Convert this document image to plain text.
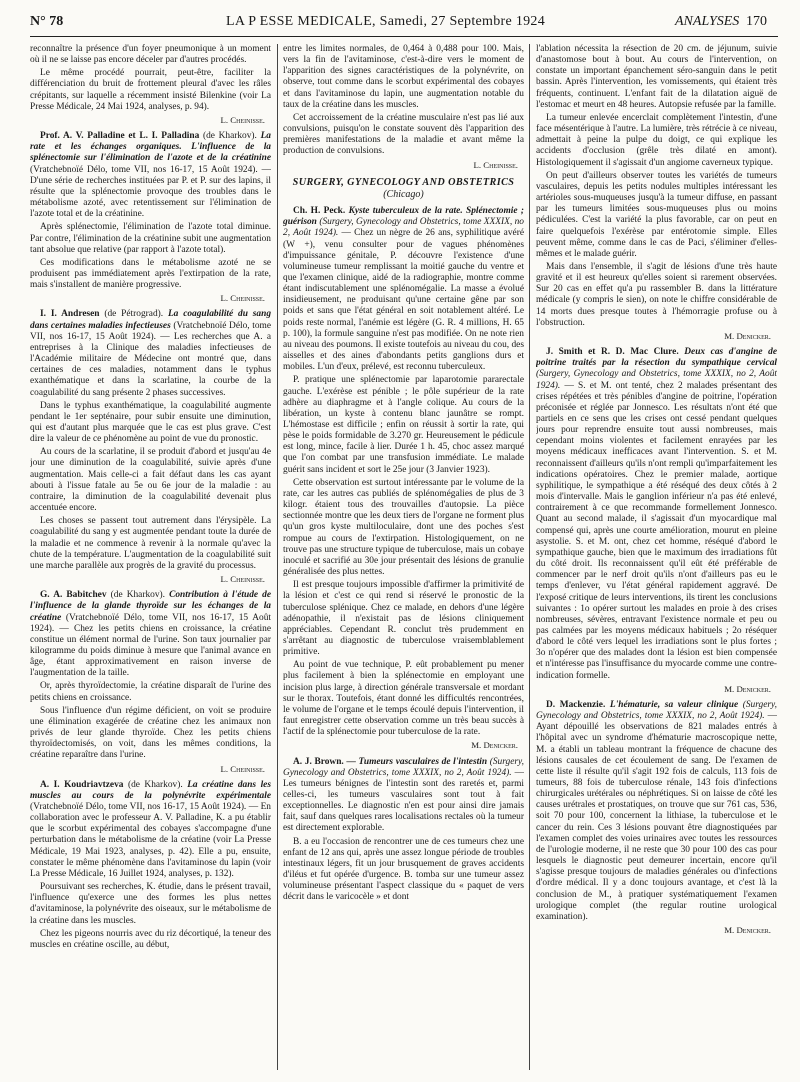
N° 78	LA P ESSE MEDICALE, Samedi, 27 Septembre 1924	ANALYSES 170

reconnaître la présence d'un foyer pneumonique à un moment où il ne se laisse pas encore déceler par d'autres procédés.

Le même procédé pourrait, peut-être, faciliter la différenciation du bruit de frottement pleural d'avec les râles crépitants, sur laquelle a récemment insisté Bilenkine (voir La Presse Médicale, 24 Mai 1924, analyses, p. 94).

L. Cheinisse.

Prof. A. V. Palladine et L. I. Palladina (de Kharkov). La rate et les échanges organiques. L'influence de la splénectomie sur l'élimination de l'azote et de la créatinine (Vratchebnoïé Délo, tome VII, nos 16-17, 15 Août 1924). — D'une série de recherches instituées par P. et P. sur des lapins, il résulte que la splénectomie provoque des troubles dans le métabolisme azoté, avec retentissement sur l'élimination de l'azote total et de la créatinine.

Après splénectomie, l'élimination de l'azote total diminue. Par contre, l'élimination de la créatinine subit une augmentation tant absolue que relative (par rapport à l'azote total).

Ces modifications dans le métabolisme azoté ne se produisent pas immédiatement après l'extirpation de la rate, mais s'installent de manière progressive.

L. Cheinisse.

I. I. Andresen (de Pétrograd). La coagulabilité du sang dans certaines maladies infectieuses (Vratchebnoïé Délo, tome VII, nos 16-17, 15 Août 1924). — Les recherches que A. a entreprises à la Clinique des maladies infectieuses de l'Académie militaire de Médecine ont montré que, dans certaines de ces maladies, notamment dans le typhus exanthématique et dans la scarlatine, la courbe de la coagulabilité du sang présente 2 phases successives.

Dans le typhus exanthématique, la coagulabilité augmente pendant le 1er septénaire, pour subir ensuite une diminution, qui est d'autant plus marquée que le cas est plus grave. C'est dire la valeur de ce phénomène au point de vue du pronostic.

Au cours de la scarlatine, il se produit d'abord et jusqu'au 4e jour une diminution de la coagulabilité, suivie après d'une augmentation. Mais celle-ci a fait défaut dans les cas ayant abouti à l'issue fatale au 5e ou 6e jour de la maladie : au contraire, la diminution de la coagulabilité devenait plus accentuée encore.

Les choses se passent tout autrement dans l'érysipèle. La coagulabilité du sang y est augmentée pendant toute la durée de la maladie et ne commence à revenir à la normale qu'avec la chute de la température. L'augmentation de la coagulabilité suit une marche parallèle aux progrès de la gravité du processus.

L. Cheinisse.

G. A. Babitchev (de Kharkov). Contribution à l'étude de l'influence de la glande thyroïde sur les échanges de la créatine (Vratchebnoïé Délo, tome VII, nos 16-17, 15 Août 1924). — Chez les petits chiens en croissance, la créatine constitue un élément normal de l'urine. Son taux journalier par kilogramme du poids diminue à mesure que l'animal avance en âge, étant approximativement en raison inverse de l'augmentation de la taille.

Or, après thyroïdectomie, la créatine disparaît de l'urine des petits chiens en croissance.

Sous l'influence d'un régime déficient, on voit se produire une élimination exagérée de créatine chez les animaux non privés de leur glande thyroïde. Chez les petits chiens thyroïdectomisés, on voit, dans les mêmes conditions, la créatine reparaître dans l'urine.

L. Cheinisse.

A. I. Koudriavtzeva (de Kharkov). La créatine dans les muscles au cours de la polynévrite expérimentale (Vratchebnoïé Délo, tome VII, nos 16-17, 15 Août 1924). — En collaboration avec le professeur A. V. Palladine, K. a pu établir que le scorbut expérimental des cobayes s'accompagne d'une perturbation dans le métabolisme de la créatine (voir La Presse Médicale, 19 Mai 1923, analyses, p. 42). Elle a pu, ensuite, constater le même phénomène dans l'avitaminose du lapin (voir La Presse Médicale, 16 Juillet 1924, analyses, p. 132).

Poursuivant ses recherches, K. étudie, dans le présent travail, l'influence qu'exerce une des formes les plus nettes d'avitaminose, la polynévrite des oiseaux, sur le métabolisme de la créatine dans les muscles.

Chez les pigeons nourris avec du riz décortiqué, la teneur des muscles en créatine oscille, au début,

entre les limites normales, de 0,464 à 0,488 pour 100. Mais, vers la fin de l'avitaminose, c'est-à-dire vers le moment de l'apparition des signes caractéristiques de la polynévrite, on observe, tout comme dans le scorbut expérimental des cobayes et dans l'avitaminose du lapin, une augmentation notable du taux de la créatine dans les muscles.

Cet accroissement de la créatine musculaire n'est pas lié aux convulsions, puisqu'on le constate souvent dès l'apparition des premières manifestations de la maladie et avant même la production de convulsions.

L. Cheinisse.
SURGERY, GYNECOLOGY AND OBSTETRICS
(Chicago)

Ch. H. Peck. Kyste tuberculeux de la rate. Splénectomie ; guérison (Surgery, Gynecology and Obstetrics, tome XXXIX, no 2, Août 1924). — Chez un nègre de 26 ans, syphilitique avéré (W +), venu consulter pour de vagues phénomènes d'impuissance génitale, P. découvre l'existence d'une volumineuse tumeur remplissant la moitié gauche du ventre et que l'examen clinique, aidé de la radiographie, montre comme étant indiscutablement une splénomégalie. La masse a évolué insidieusement, ne produisant qu'une certaine gêne par son poids et sans que l'état général en soit notablement altéré. Le poids reste normal, l'anémie est légère (G. R. 4 millions, H. 65 p. 100), la formule sanguine n'est pas modifiée. On ne note rien au niveau des poumons. Il existe toutefois au niveau du cou, des aisselles et des aines d'abondants petits ganglions durs et mobiles. L'un d'eux, prélevé, est reconnu tuberculeux.

P. pratique une splénectomie par laparotomie pararectale gauche. L'exérèse est pénible ; le pôle supérieur de la rate adhère au diaphragme et à l'angle colique. Au cours de la libération, un kyste à contenu blanc jaunâtre se rompt. L'hémostase est difficile ; enfin on réussit à sortir la rate, qui pèse le poids formidable de 3.270 gr. Heureusement le pédicule est long, mince, facile à lier. Durée 1 h. 45, choc assez marqué que l'on combat par une transfusion immédiate. Le malade guérit sans incident et sort le 25e jour (3 Janvier 1923).

Cette observation est surtout intéressante par le volume de la rate, car les autres cas publiés de splénomégalies de plus de 3 kilogr. étaient tous des trouvailles d'autopsie. La pièce sectionnée montre que les deux tiers de l'organe ne forment plus qu'un gros kyste multiloculaire, dont une des poches s'est rompue au cours de l'extirpation. Histologiquement, on ne trouve pas une structure typique de tuberculose, mais un cobaye inoculé et sacrifié au 30e jour présentait des lésions de granulie généralisée des plus nettes.

Il est presque toujours impossible d'affirmer la primitivité de la lésion et c'est ce qui rend si réservé le pronostic de la tuberculose splénique. Chez ce malade, en dehors d'une légère adénopathie, il n'existait pas de lésions cliniquement appréciables. Cependant R. conclut très prudemment en s'arrêtant au diagnostic de tuberculose vraisemblablement primitive.

Au point de vue technique, P. eût probablement pu mener plus facilement à bien la splénectomie en employant une incision plus large, à direction générale transversale et mordant sur le thorax. Toutefois, étant donné les difficultés rencontrées, le volume de l'organe et le temps écoulé depuis l'intervention, il faut enregistrer cette observation comme un très beau succès à l'actif de la splénectomie pour tuberculose de la rate.

M. Denicker.

A. J. Brown. — Tumeurs vasculaires de l'intestin (Surgery, Gynecology and Obstetrics, tome XXXIX, no 2, Août 1924). — Les tumeurs bénignes de l'intestin sont des raretés et, parmi celles-ci, les tumeurs vasculaires sont tout à fait exceptionnelles. Le diagnostic n'en est pour ainsi dire jamais fait, sauf dans quelques rares localisations rectales où la tumeur est directement explorable.

B. a eu l'occasion de rencontrer une de ces tumeurs chez une enfant de 12 ans qui, après une assez longue période de troubles intestinaux légers, fit un jour brusquement de graves accidents d'iléus et fut opérée d'urgence. B. tomba sur une tumeur assez volumineuse présentant l'aspect classique du « paquet de vers décrit dans le varicocèle » et dont

l'ablation nécessita la résection de 20 cm. de jéjunum, suivie d'anastomose bout à bout. Au cours de l'intervention, on constate un important épanchement séro-sanguin dans le petit bassin. Après l'intervention, les vomissements, qui étaient très fréquents, continuent. L'enfant fait de la dilatation aiguë de l'estomac et meurt en 48 heures. Autopsie refusée par la famille.

La tumeur enlevée encerclait complètement l'intestin, d'une face mésentérique à l'autre. La lumière, très rétrécie à ce niveau, admettait à peine la pulpe du doigt, ce qui explique les accidents d'occlusion (grêle très dilaté en amont). Histologiquement il s'agissait d'un angiome caverneux typique.

On peut d'ailleurs observer toutes les variétés de tumeurs vasculaires, depuis les petits nodules multiples intéressant les artérioles sous-muqueuses jusqu'à la tumeur diffuse, en passant par les tumeurs limitées sous-muqueuses plus ou moins pédiculées. C'est la variété la plus favorable, car on peut en faire quelquefois l'exérèse par entérotomie simple. Elles peuvent même, comme dans le cas de Paci, s'éliminer d'elles-mêmes et le malade guérir.

Mais dans l'ensemble, il s'agit de lésions d'une très haute gravité et il est heureux qu'elles soient si rarement observées. Sur 20 cas en effet qu'a pu rassembler B. dans la littérature médicale (y compris le sien), on note le chiffre considérable de 14 morts dues presque toutes à l'hémorragie profuse ou à l'obstruction.

M. Denicker.

J. Smith et R. D. Mac Clure. Deux cas d'angine de poitrine traités par la résection du sympathique cervical (Surgery, Gynecology and Obstetrics, tome XXXIX, no 2, Août 1924). — S. et M. ont tenté, chez 2 malades présentant des crises répétées et très pénibles d'angine de poitrine, l'opération préconisée et réglée par Jonnesco. Les résultats n'ont été que partiels en ce sens que les crises ont cessé pendant quelques jours pour reprendre ensuite tout aussi nombreuses, mais cependant moins violentes et facilement enrayées par les moyens médicaux inefficaces avant l'intervention. S. et M. reconnaissent d'ailleurs qu'ils n'ont rempli qu'imparfaitement les indications opératoires. Chez le premier malade, aortique syphilitique, le sympathique a été réséqué des deux côtés à 2 mois d'intervalle. Mais le ganglion inférieur n'a pas été enlevé, contrairement à ce que recommande formellement Jonnesco. Quant au second malade, il s'agissait d'un myocardique mal compensé qui, après une courte amélioration, mourut en pleine asystolie. S. et M. ont, chez cet homme, réséqué d'abord le sympathique gauche, bien que le maximum des irradiations fût du côté droit. Ils reconnaissent qu'il eût été préférable de commencer par le nerf droit qu'ils n'ont d'ailleurs pas eu le temps d'enlever, vu l'état général rapidement aggravé. De l'exposé critique de leurs interventions, ils tirent les conclusions suivantes : 1o opérer surtout les malades en proie à des crises nombreuses, sévères, entravant l'existence normale et peu ou pas calmées par les moyens médicaux habituels ; 2o réséquer d'abord le côté vers lequel les irradiations sont le plus fortes ; 3o n'opérer que des malades dont la lésion est bien compensée et n'intéresse pas l'insuffisance du myocarde comme une contre-indication formelle.

M. Denicker.

D. Mackenzie. L'hématurie, sa valeur clinique (Surgery, Gynecology and Obstetrics, tome XXXIX, no 2, Août 1924). — Ayant dépouillé les observations de 821 malades entrés à l'hôpital avec un syndrome d'hématurie macroscopique nette, M. a établi un tableau montrant la fréquence de chacune des lésions causales de cet écoulement de sang. De l'examen de cette liste il résulte qu'il s'agit 192 fois de calculs, 113 fois de tumeurs, 88 fois de tuberculose rénale, 143 fois d'infections chirurgicales urétérales ou néphrétiques. Si on laisse de côté les causes urétrales et prostatiques, on trouve que sur 761 cas, 536, soit 70 pour 100, concernent la lithiase, la tuberculose et le cancer du rein. Ces 3 lésions pouvant être diagnostiquées par l'examen complet des voies urinaires avec toutes les ressources de l'urologie moderne, il ne reste que 30 pour 100 des cas pour lesquels le diagnostic peut demeurer incertain, encore qu'il s'agisse presque toujours de maladies générales ou d'infections d'ordre médical. Il y a donc toujours avantage, et c'est là la conclusion de M., à pratiquer systématiquement l'examen urologique complet (the regular routine urological examination).

M. Denicker.
